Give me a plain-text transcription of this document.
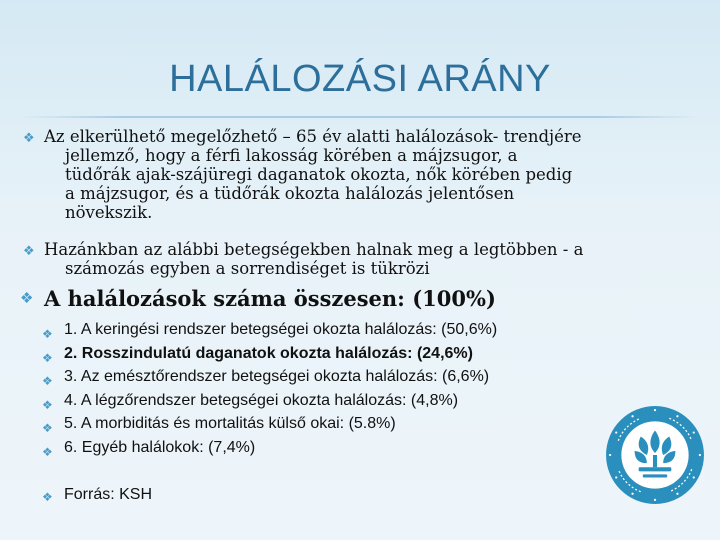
HALÁLOZÁSI ARÁNY
❖ Az elkerülhető megelőzhető – 65 év alatti halálozások- trendjére
jellemző, hogy a férfi lakosság körében a májzsugor, a
tüdőrák ajak-szájüregi daganatok okozta, nők körében pedig
a májzsugor, és a tüdőrák okozta halálozás jelentősen
növekszik.
❖ Hazánkban az alábbi betegségekben halnak meg a legtöbben - a
számozás egyben a sorrendiséget is tükrözi
❖ A halálozások száma összesen: (100%)
❖ 1. A keringési rendszer betegségei okozta halálozás: (50,6%)
❖ 2. Rosszindulatú daganatok okozta halálozás: (24,6%)
❖ 3. Az emésztőrendszer betegségei okozta halálozás: (6,6%)
❖ 4. A légzőrendszer betegségei okozta halálozás: (4,8%)
❖ 5. A morbiditás és mortalitás külső okai: (5.8%)
❖ 6. Egyéb halálokok: (7,4%)
❖ Forrás: KSH
